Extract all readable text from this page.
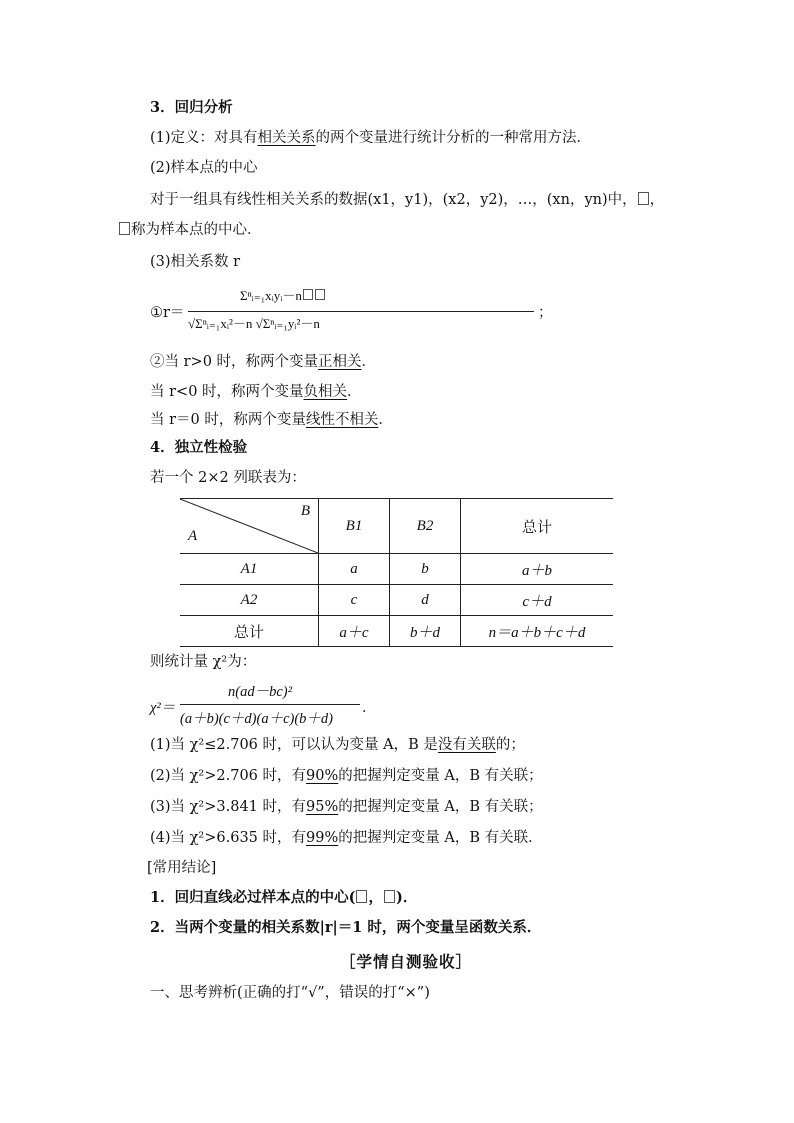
3．回归分析
(1)定义：对具有相关关系的两个变量进行统计分析的一种常用方法．
(2)样本点的中心
对于一组具有线性相关关系的数据(x1，y1)，(x2，y2)，…，(xn，yn)中， ，
称为样本点的中心．
(3)相关系数 r
①r＝
Σⁿᵢ₌₁xᵢyᵢ－n
√Σⁿᵢ₌₁xᵢ²－n √Σⁿᵢ₌₁yᵢ²－n
；
②当 r>0 时，称两个变量正相关．
当 r<0 时，称两个变量负相关．
当 r＝0 时，称两个变量线性不相关．
4．独立性检验
若一个 2×2 列联表为：
B
A	B1	B2	总计
A1	a	b	a＋b
A2	c	d	c＋d
总计	a＋c	b＋d	n＝a＋b＋c＋d
则统计量 χ²为：
χ²＝
n(ad－bc)²
(a＋b)(c＋d)(a＋c)(b＋d)
．
(1)当 χ²≤2.706 时，可以认为变量 A，B 是没有关联的；
(2)当 χ²>2.706 时，有90%的把握判定变量 A，B 有关联；
(3)当 χ²>3.841 时，有95%的把握判定变量 A，B 有关联；
(4)当 χ²>6.635 时，有99%的把握判定变量 A，B 有关联．
[常用结论]
1．回归直线必过样本点的中心( ， )．
2．当两个变量的相关系数|r|＝1 时，两个变量呈函数关系．
［学情自测验收］
一、思考辨析(正确的打“√”，错误的打“×”)
